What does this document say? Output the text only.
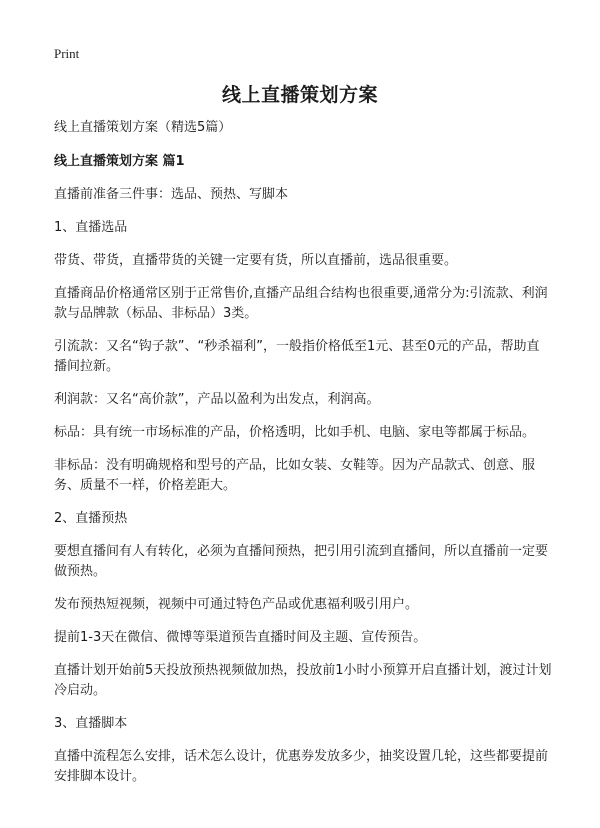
Print
线上直播策划方案

线上直播策划方案（精选5篇）

线上直播策划方案 篇1

直播前准备三件事：选品、预热、写脚本

1、直播选品

带货、带货，直播带货的关键一定要有货，所以直播前，选品很重要。

直播商品价格通常区别于正常售价,直播产品组合结构也很重要,通常分为:引流款、利润款与品牌款（标品、非标品）3类。

引流款：又名“钩子款”、“秒杀福利”，一般指价格低至1元、甚至0元的产品，帮助直播间拉新。

利润款：又名“高价款”，产品以盈利为出发点，利润高。

标品：具有统一市场标准的产品，价格透明，比如手机、电脑、家电等都属于标品。

非标品：没有明确规格和型号的产品，比如女装、女鞋等。因为产品款式、创意、服务、质量不一样，价格差距大。

2、直播预热

要想直播间有人有转化，必须为直播间预热，把引用引流到直播间，所以直播前一定要做预热。

发布预热短视频，视频中可通过特色产品或优惠福利吸引用户。

提前1-3天在微信、微博等渠道预告直播时间及主题、宣传预告。

直播计划开始前5天投放预热视频做加热，投放前1小时小预算开启直播计划，渡过计划冷启动。

3、直播脚本

直播中流程怎么安排，话术怎么设计，优惠券发放多少，抽奖设置几轮，这些都要提前安排脚本设计。
